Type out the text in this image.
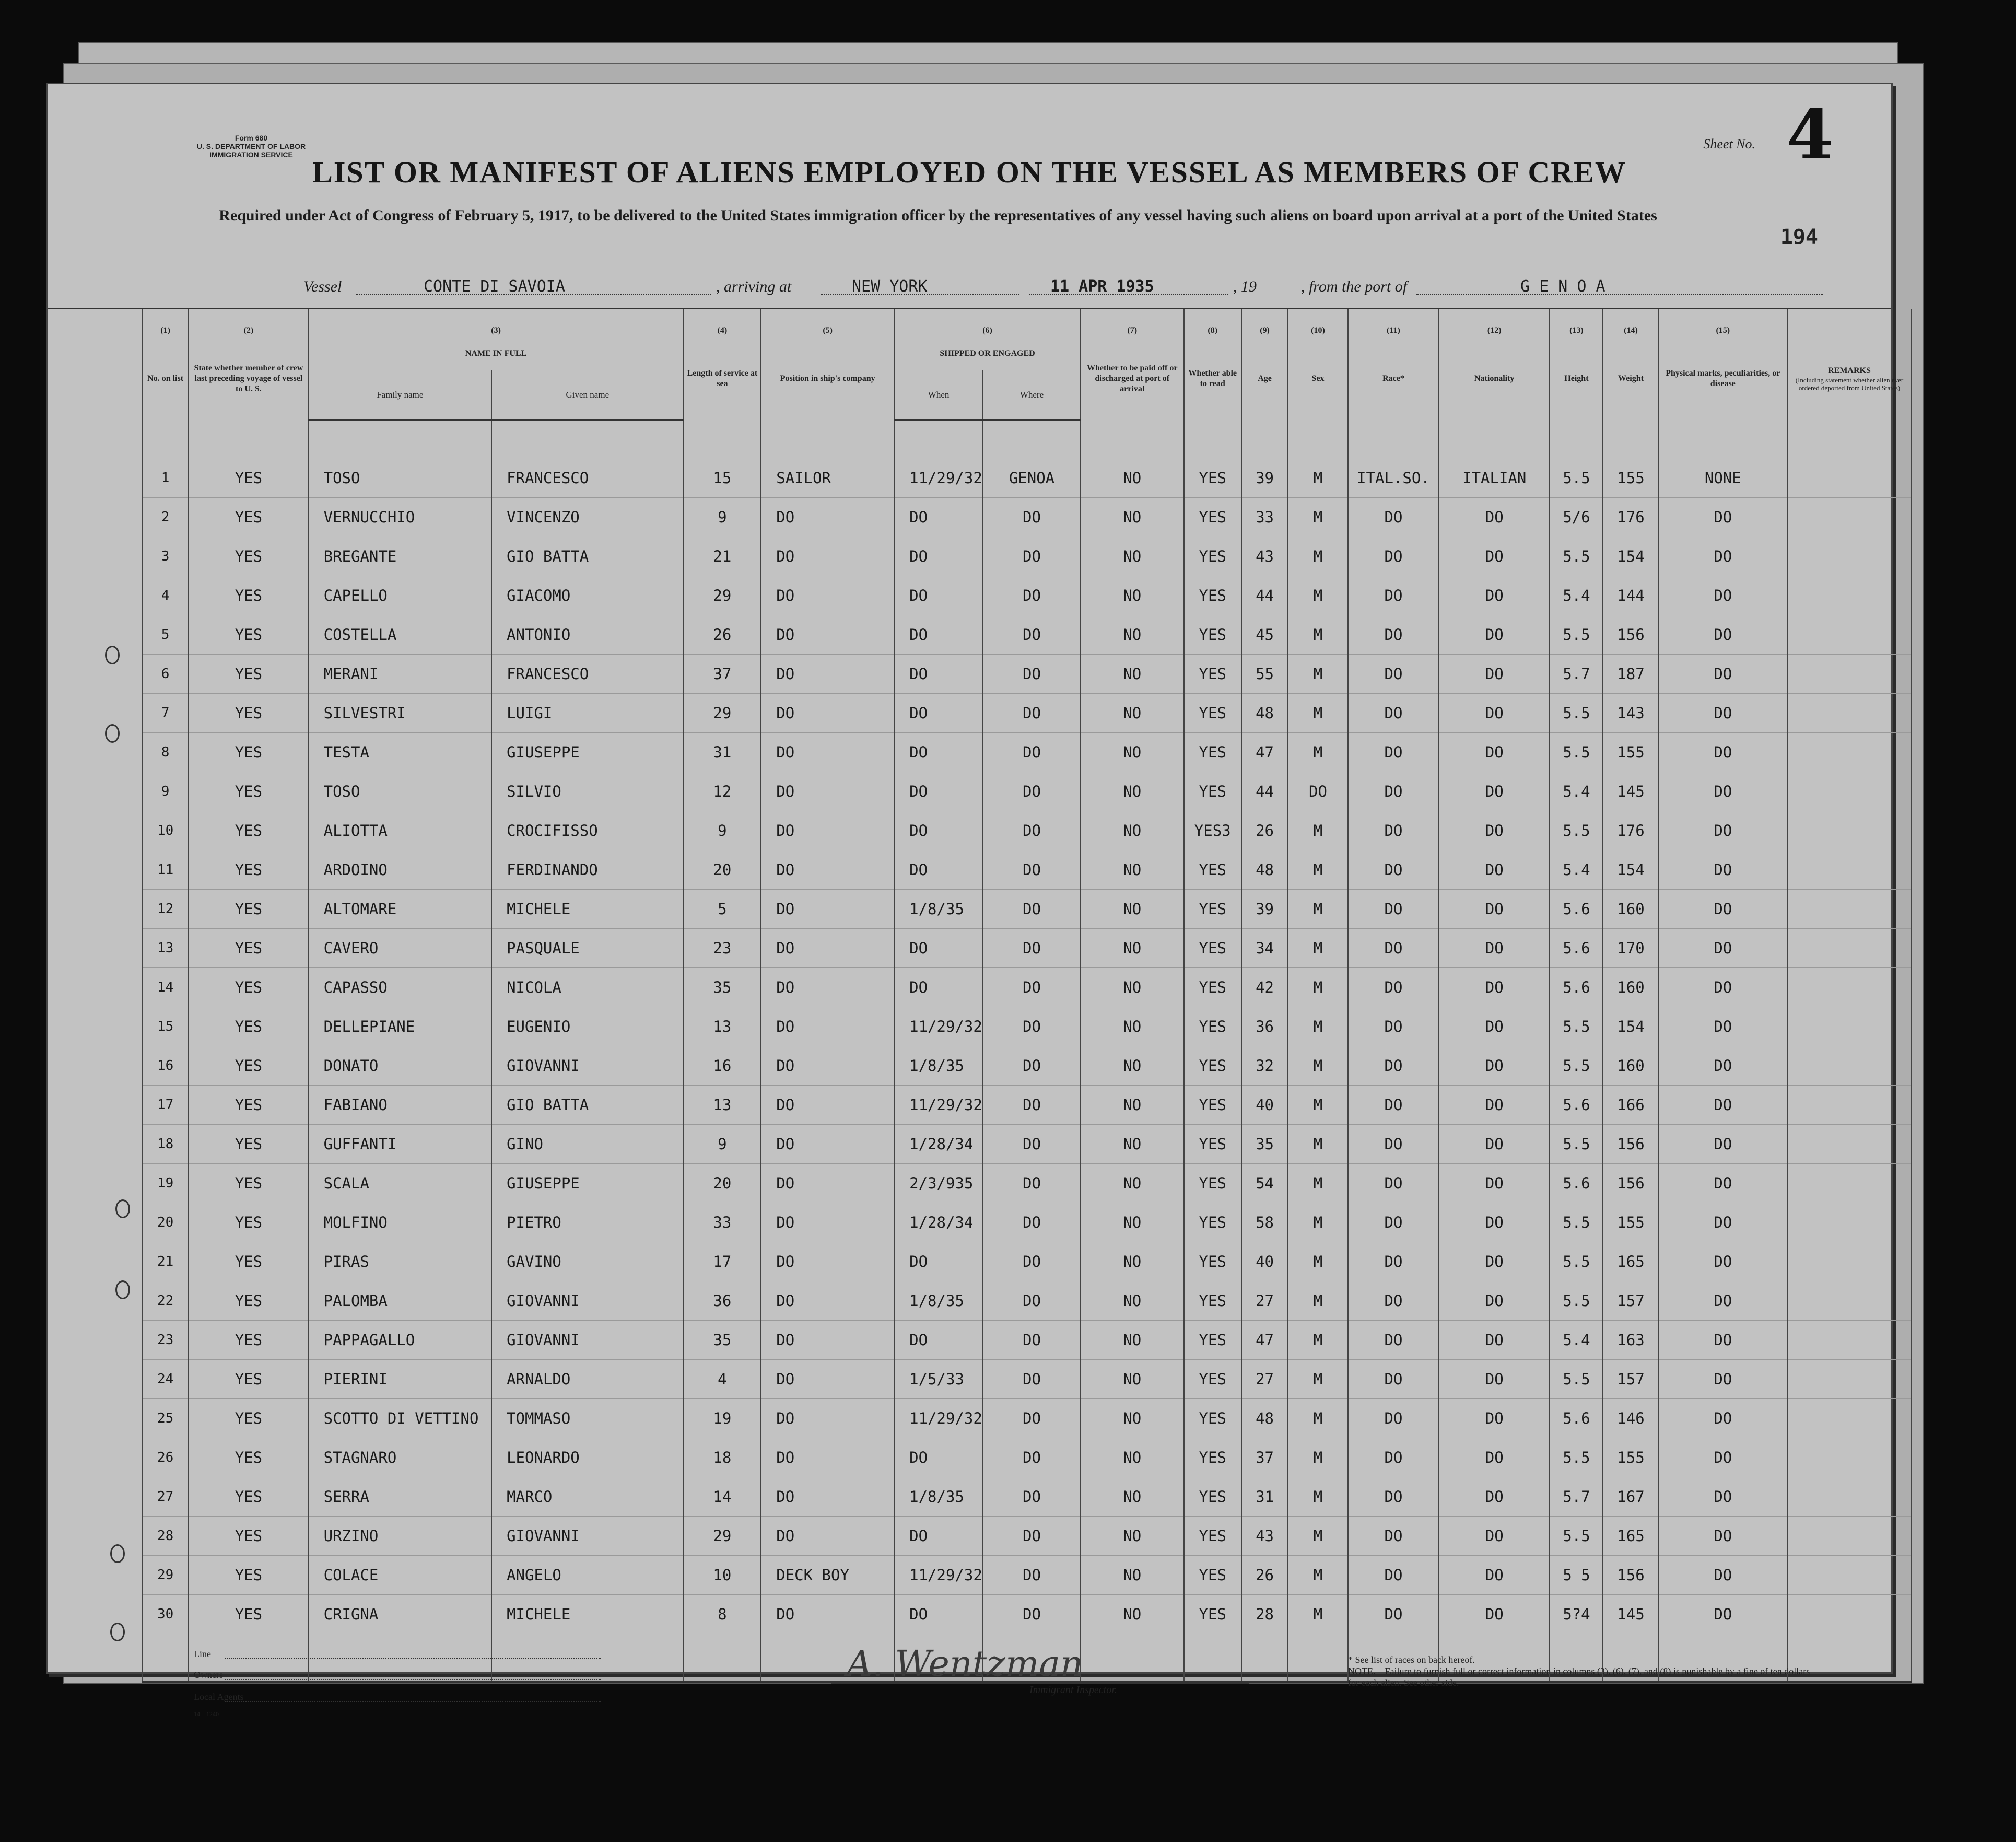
Form 680
U. S. DEPARTMENT OF LABOR
IMMIGRATION SERVICE
Sheet No. 4
LIST OR MANIFEST OF ALIENS EMPLOYED ON THE VESSEL AS MEMBERS OF CREW
Required under Act of Congress of February 5, 1917, to be delivered to the United States immigration officer by the representatives of any vessel having such aliens on board upon arrival at a port of the United States
194
Vessel	CONTE DI SAVOIA	, arriving at	NEW YORK	11 APR 1935	, 19	, from the port of	G E N O A
(1)	(2)	(3)		(4)	(5)	(6)		(7)	(8)	(9)	(10)	(11)	(12)	(13)	(14)	(15)	
No. on list	State whether member of crew last preceding voyage of vessel to U. S.	NAME IN FULL		Length of service at sea	Position in ship's company	SHIPPED OR ENGAGED		Whether to be paid off or discharged at port of arrival	Whether able to read	Age	Sex	Race*	Nationality	Height	Weight	Physical marks, peculiarities, or disease	REMARKS
(Including statement whether alien ever ordered deported from United States)

		Family name	Given name			When	Where										

1	YES	TOSO	FRANCESCO	15	SAILOR	11/29/32	GENOA	NO	YES	39	M	ITAL.SO.	ITALIAN	5.5	155	NONE	
2	YES	VERNUCCHIO	VINCENZO	9	DO	DO	DO	NO	YES	33	M	DO	DO	5/6	176	DO	
3	YES	BREGANTE	GIO BATTA	21	DO	DO	DO	NO	YES	43	M	DO	DO	5.5	154	DO	
4	YES	CAPELLO	GIACOMO	29	DO	DO	DO	NO	YES	44	M	DO	DO	5.4	144	DO	
5	YES	COSTELLA	ANTONIO	26	DO	DO	DO	NO	YES	45	M	DO	DO	5.5	156	DO	
6	YES	MERANI	FRANCESCO	37	DO	DO	DO	NO	YES	55	M	DO	DO	5.7	187	DO	
7	YES	SILVESTRI	LUIGI	29	DO	DO	DO	NO	YES	48	M	DO	DO	5.5	143	DO	
8	YES	TESTA	GIUSEPPE	31	DO	DO	DO	NO	YES	47	M	DO	DO	5.5	155	DO	
9	YES	TOSO	SILVIO	12	DO	DO	DO	NO	YES	44	DO	DO	DO	5.4	145	DO	
10	YES	ALIOTTA	CROCIFISSO	9	DO	DO	DO	NO	YES3	26	M	DO	DO	5.5	176	DO	
11	YES	ARDOINO	FERDINANDO	20	DO	DO	DO	NO	YES	48	M	DO	DO	5.4	154	DO	
12	YES	ALTOMARE	MICHELE	5	DO	1/8/35	DO	NO	YES	39	M	DO	DO	5.6	160	DO	
13	YES	CAVERO	PASQUALE	23	DO	DO	DO	NO	YES	34	M	DO	DO	5.6	170	DO	
14	YES	CAPASSO	NICOLA	35	DO	DO	DO	NO	YES	42	M	DO	DO	5.6	160	DO	
15	YES	DELLEPIANE	EUGENIO	13	DO	11/29/32	DO	NO	YES	36	M	DO	DO	5.5	154	DO	
16	YES	DONATO	GIOVANNI	16	DO	1/8/35	DO	NO	YES	32	M	DO	DO	5.5	160	DO	
17	YES	FABIANO	GIO BATTA	13	DO	11/29/32	DO	NO	YES	40	M	DO	DO	5.6	166	DO	
18	YES	GUFFANTI	GINO	9	DO	1/28/34	DO	NO	YES	35	M	DO	DO	5.5	156	DO	
19	YES	SCALA	GIUSEPPE	20	DO	2/3/935	DO	NO	YES	54	M	DO	DO	5.6	156	DO	
20	YES	MOLFINO	PIETRO	33	DO	1/28/34	DO	NO	YES	58	M	DO	DO	5.5	155	DO	
21	YES	PIRAS	GAVINO	17	DO	DO	DO	NO	YES	40	M	DO	DO	5.5	165	DO	
22	YES	PALOMBA	GIOVANNI	36	DO	1/8/35	DO	NO	YES	27	M	DO	DO	5.5	157	DO	
23	YES	PAPPAGALLO	GIOVANNI	35	DO	DO	DO	NO	YES	47	M	DO	DO	5.4	163	DO	
24	YES	PIERINI	ARNALDO	4	DO	1/5/33	DO	NO	YES	27	M	DO	DO	5.5	157	DO	
25	YES	SCOTTO DI VETTINO	TOMMASO	19	DO	11/29/32	DO	NO	YES	48	M	DO	DO	5.6	146	DO	
26	YES	STAGNARO	LEONARDO	18	DO	DO	DO	NO	YES	37	M	DO	DO	5.5	155	DO	
27	YES	SERRA	MARCO	14	DO	1/8/35	DO	NO	YES	31	M	DO	DO	5.7	167	DO	
28	YES	URZINO	GIOVANNI	29	DO	DO	DO	NO	YES	43	M	DO	DO	5.5	165	DO	
29	YES	COLACE	ANGELO	10	DECK BOY	11/29/32	DO	NO	YES	26	M	DO	DO	5 5	156	DO	
30	YES	CRIGNA	MICHELE	8	DO	DO	DO	NO	YES	28	M	DO	DO	5?4	145	DO	

Line
Owners
Local Agents
14—1240
A. Wentzman
Immigrant Inspector.
* See list of races on back hereof.
NOTE.—Failure to furnish full or correct information in columns (3), (6), (7), and (8) is punishable by a fine of ten dollars for each alien. See other side.
